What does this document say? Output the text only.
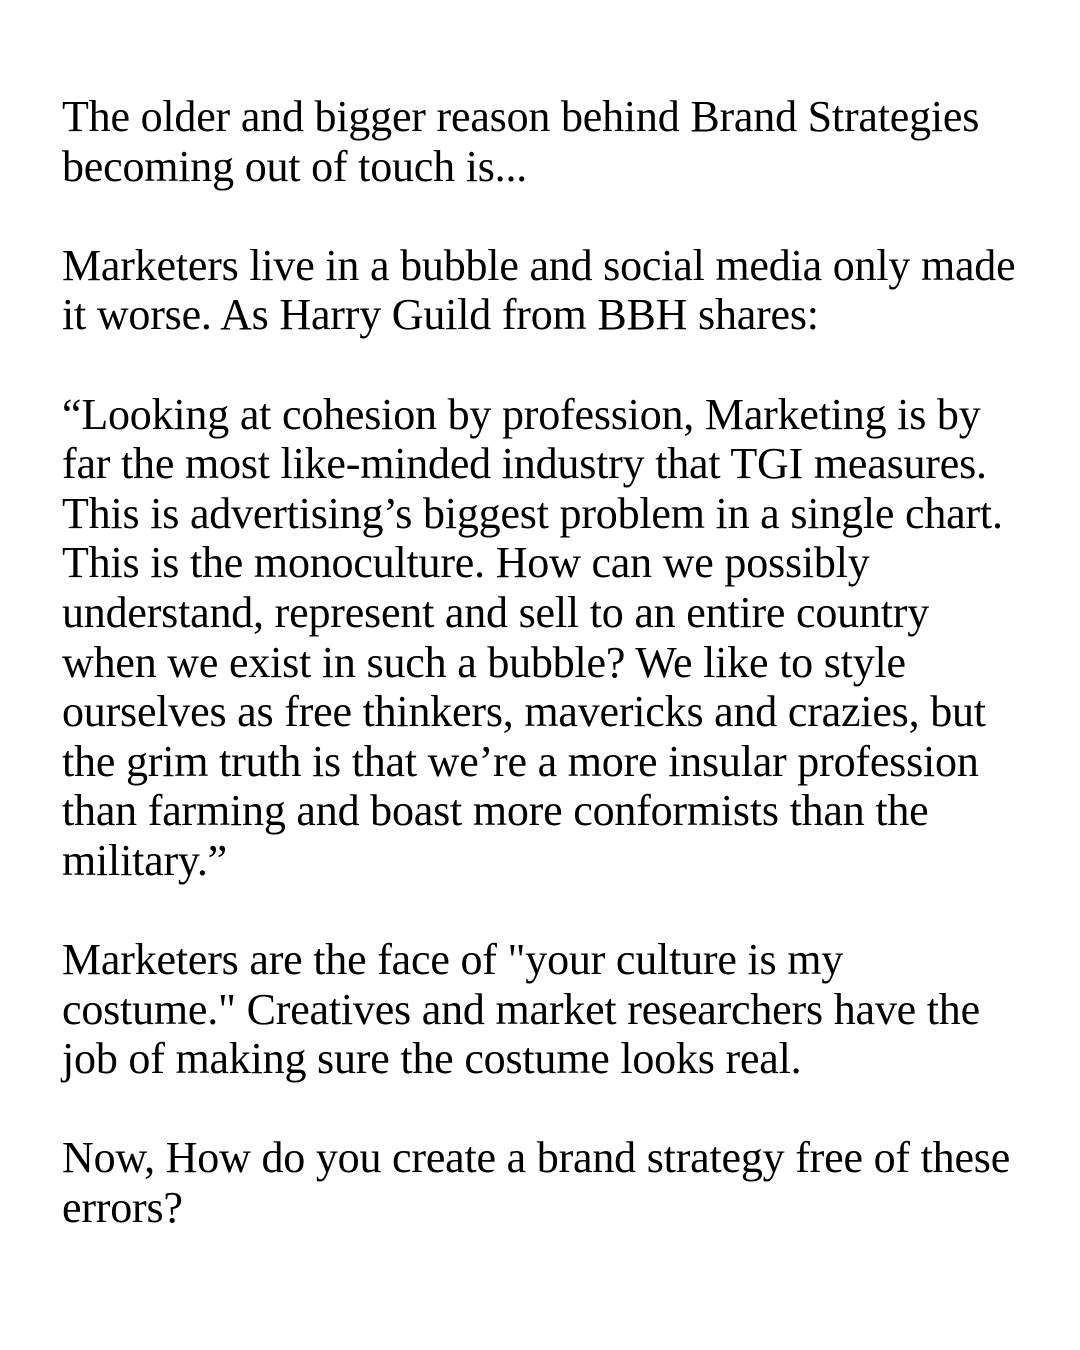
The older and bigger reason behind Brand Strategies becoming out of touch is...

Marketers live in a bubble and social media only made it worse. As Harry Guild from BBH shares:

“Looking at cohesion by profession, Marketing is by far the most like-minded industry that TGI measures. This is advertising’s biggest problem in a single chart. This is the monoculture. How can we possibly understand, represent and sell to an entire country when we exist in such a bubble? We like to style ourselves as free thinkers, mavericks and crazies, but the grim truth is that we’re a more insular profession than farming and boast more conformists than the military.”

Marketers are the face of "your culture is my costume." Creatives and market researchers have the job of making sure the costume looks real.

Now, How do you create a brand strategy free of these errors?
